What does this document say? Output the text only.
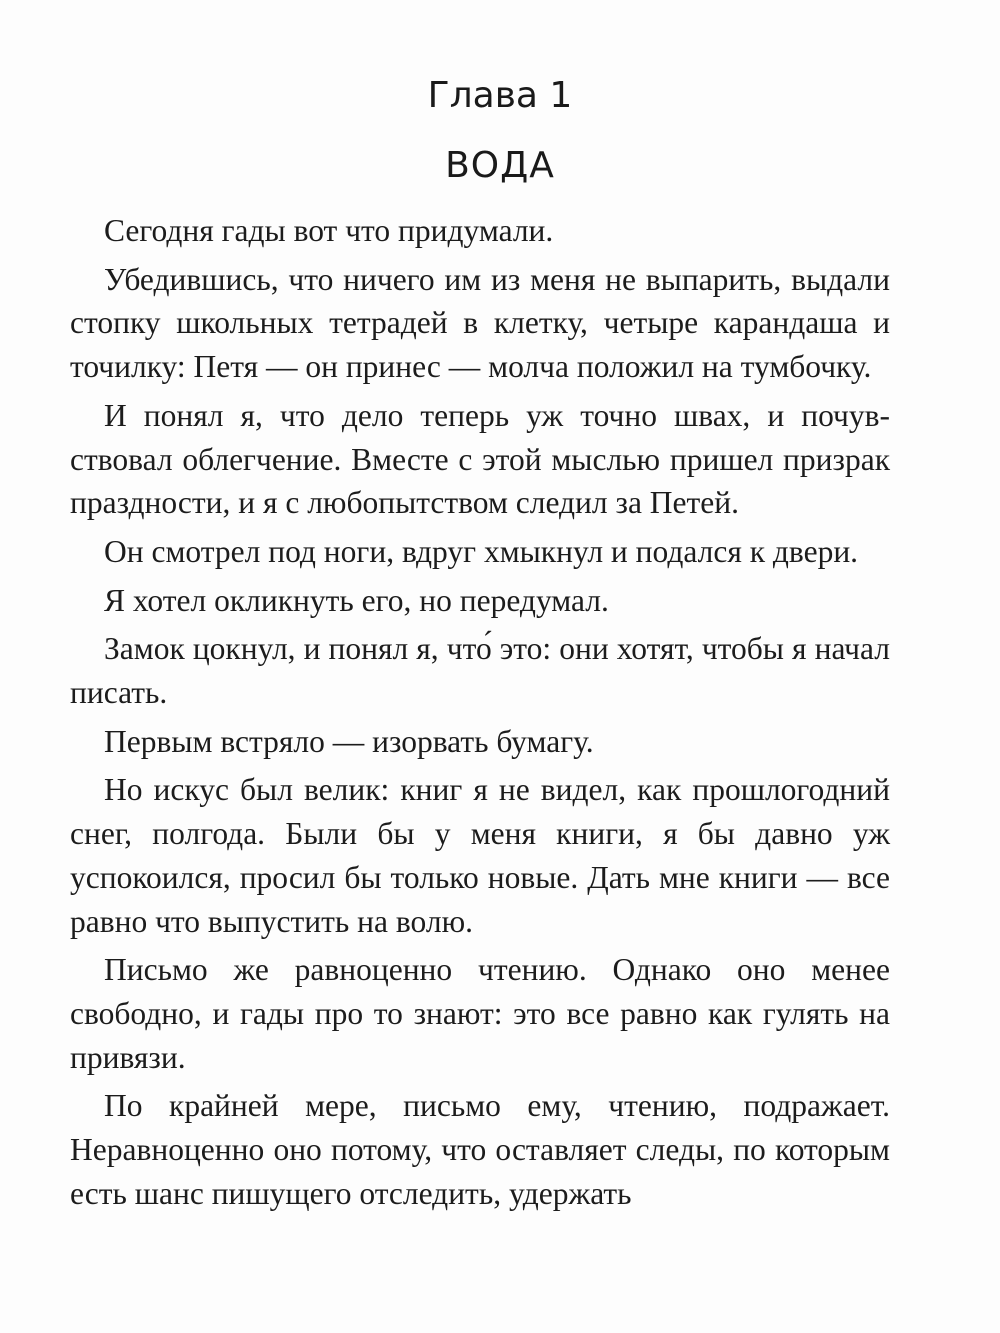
Глава 1
ВОДА

Сегодня гады вот что придумали.

Убедившись, что ничего им из меня не выпарить, выдали стопку школьных тетрадей в клетку, четыре карандаша и точилку: Петя — он принес — молча положил на тумбочку.

И понял я, что дело теперь уж точно швах, и почувствовал облегчение. Вместе с этой мыслью пришел призрак праздности, и я с любопытством следил за Петей.

Он смотрел под ноги, вдруг хмыкнул и подался к двери.

Я хотел окликнуть его, но передумал.

Замок цокнул, и понял я, что́ это: они хотят, чтобы я начал писать.

Первым встряло — изорвать бумагу.

Но искус был велик: книг я не видел, как прошлогодний снег, полгода. Были бы у меня книги, я бы давно уж успокоился, просил бы только новые. Дать мне книги — все равно что выпустить на волю.

Письмо же равноценно чтению. Однако оно менее свободно, и гады про то знают: это все равно как гулять на привязи.

По крайней мере, письмо ему, чтению, подражает. Неравноценно оно потому, что оставляет следы, по которым есть шанс пишущего отследить, удержать
